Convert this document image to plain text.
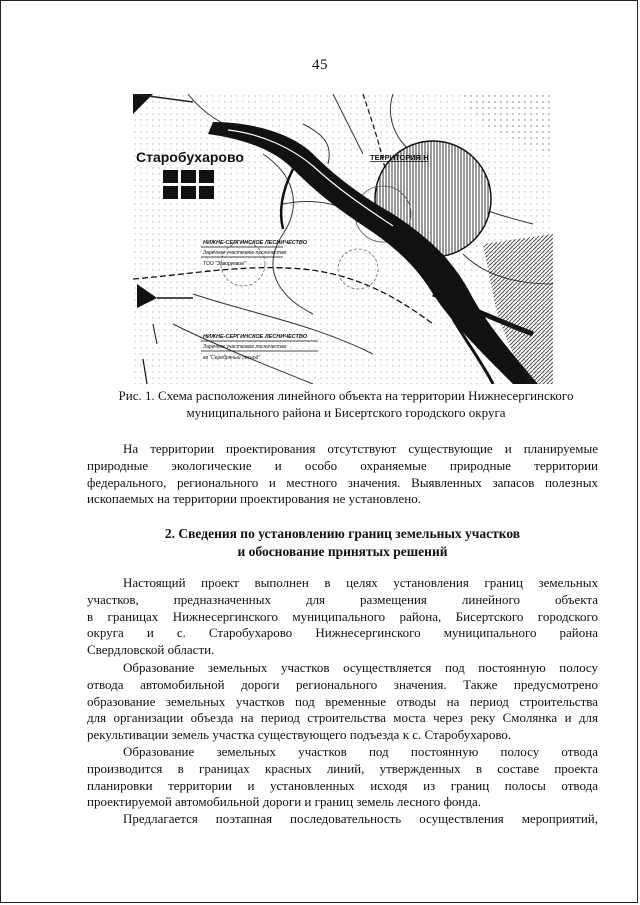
45
Старобухарово	ТЕРРИТОРИЯ Н
НИЖНЕ-СЕРГИНСКОЕ ЛЕСНИЧЕСТВО
Заречное участковое лесничество
ТОО "Заворуевое"
НИЖНЕ-СЕРГИНСКОЕ ЛЕСНИЧЕСТВО
Заречное участковое лесничество
кв "Серебряный лесной"
Рис. 1. Схема расположения линейного объекта на территории Нижнесергинского
муниципального района и Бисертского городского округа
На территории проектирования отсутствуют существующие и планируемые
природные экологические и особо охраняемые природные территории
федерального, регионального и местного значения. Выявленных запасов полезных
ископаемых на территории проектирования не установлено.
2. Сведения по установлению границ земельных участков
и обоснование принятых решений
Настоящий проект выполнен в целях установления границ земельных
участков, предназначенных для размещения линейного объекта
в границах Нижнесергинского муниципального района, Бисертского городского
округа и с. Старобухарово Нижнесергинского муниципального района
Свердловской области.
Образование земельных участков осуществляется под постоянную полосу
отвода автомобильной дороги регионального значения. Также предусмотрено
образование земельных участков под временные отводы на период строительства
для организации объезда на период строительства моста через реку Смолянка и для
рекультивации земель участка существующего подъезда к с. Старобухарово.
Образование земельных участков под постоянную полосу отвода
производится в границах красных линий, утвержденных в составе проекта
планировки территории и установленных исходя из границ полосы отвода
проектируемой автомобильной дороги и границ земель лесного фонда.
Предлагается поэтапная последовательность осуществления мероприятий,
